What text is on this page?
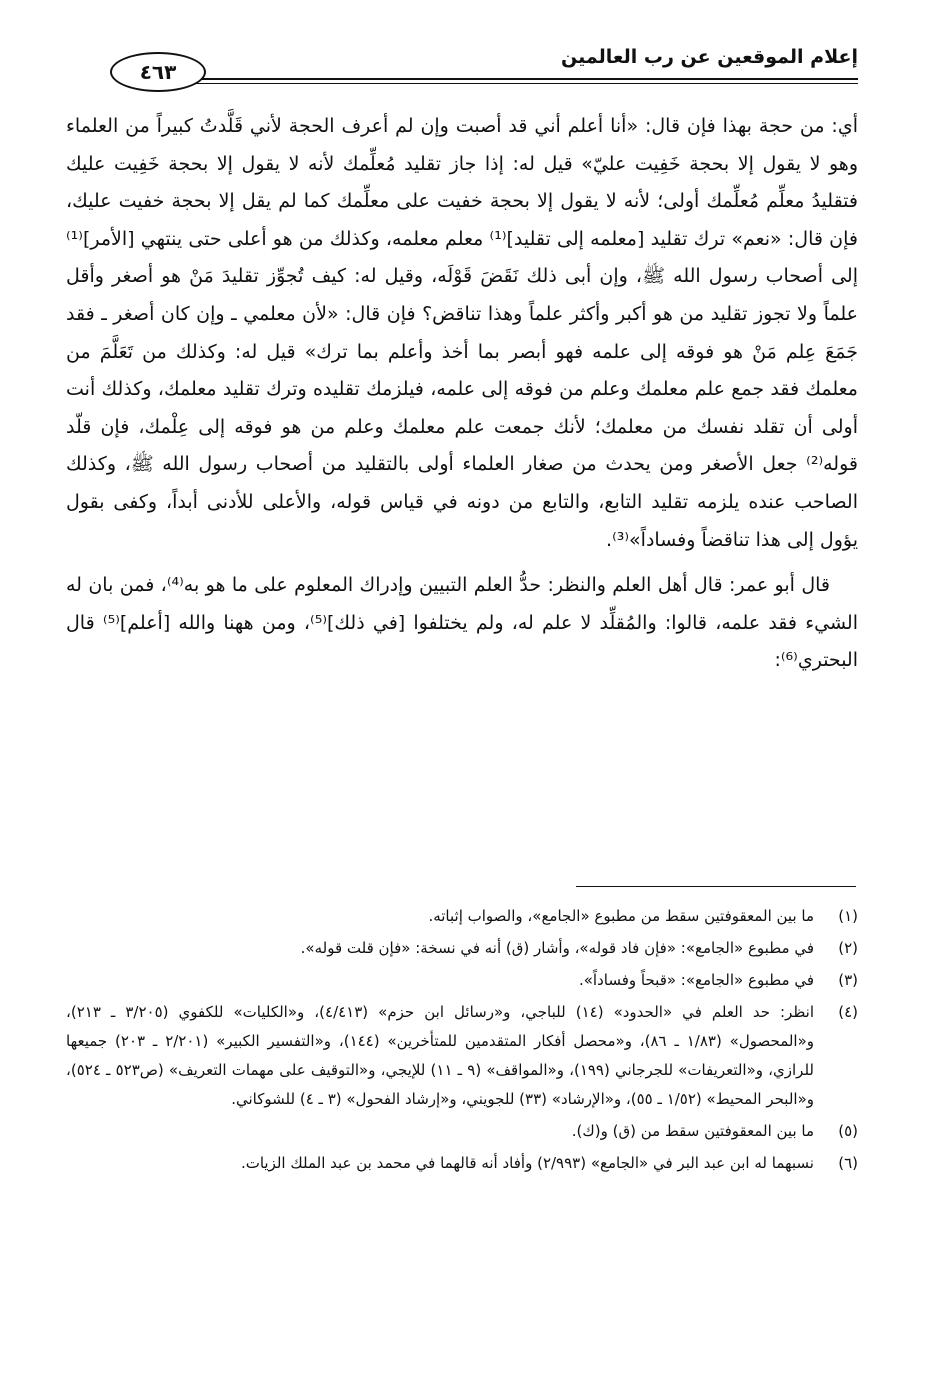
إعلام الموقعين عن رب العالمين
٤٦٣

أي: من حجة بهذا فإن قال: «أنا أعلم أني قد أصبت وإن لم أعرف الحجة لأني قَلَّدتُ كبيراً من العلماء وهو لا يقول إلا بحجة خَفِيت عليّ» قيل له: إذا جاز تقليد مُعلِّمك لأنه لا يقول إلا بحجة خَفِيت عليك فتقليدُ معلِّم مُعلِّمك أولى؛ لأنه لا يقول إلا بحجة خفيت على معلِّمك كما لم يقل إلا بحجة خفيت عليك، فإن قال: «نعم» ترك تقليد [معلمه إلى تقليد]⁽¹⁾ معلم معلمه، وكذلك من هو أعلى حتى ينتهي [الأمر]⁽¹⁾ إلى أصحاب رسول الله ﷺ، وإن أبى ذلك نَقَضَ قَوْلَه، وقيل له: كيف تُجوِّز تقليدَ مَنْ هو أصغر وأقل علماً ولا تجوز تقليد من هو أكبر وأكثر علماً وهذا تناقض؟ فإن قال: «لأن معلمي ـ وإن كان أصغر ـ فقد جَمَعَ عِلم مَنْ هو فوقه إلى علمه فهو أبصر بما أخذ وأعلم بما ترك» قيل له: وكذلك من تَعَلَّمَ من معلمك فقد جمع علم معلمك وعلم من فوقه إلى علمه، فيلزمك تقليده وترك تقليد معلمك، وكذلك أنت أولى أن تقلد نفسك من معلمك؛ لأنك جمعت علم معلمك وعلم من هو فوقه إلى عِلْمك، فإن قلّد قوله⁽²⁾ جعل الأصغر ومن يحدث من صغار العلماء أولى بالتقليد من أصحاب رسول الله ﷺ، وكذلك الصاحب عنده يلزمه تقليد التابع، والتابع من دونه في قياس قوله، والأعلى للأدنى أبداً، وكفى بقول يؤول إلى هذا تناقضاً وفساداً»⁽³⁾.

قال أبو عمر: قال أهل العلم والنظر: حدُّ العلم التبيين وإدراك المعلوم على ما هو به⁽⁴⁾، فمن بان له الشيء فقد علمه، قالوا: والمُقلِّد لا علم له، ولم يختلفوا [في ذلك]⁽⁵⁾، ومن ههنا والله [أعلم]⁽⁵⁾ قال البحتري⁽⁶⁾:

(١)
ما بين المعقوفتين سقط من مطبوع «الجامع»، والصواب إثباته.
(٢)
في مطبوع «الجامع»: «فإن فاد قوله»، وأشار (ق) أنه في نسخة: «فإن قلت قوله».
(٣)
في مطبوع «الجامع»: «قبحاً وفساداً».
(٤)
انظر: حد العلم في «الحدود» (١٤) للباجي، و«رسائل ابن حزم» (٤/٤١٣)، و«الكليات» للكفوي (٣/٢٠٥ ـ ٢١٣)، و«المحصول» (١/٨٣ ـ ٨٦)، و«محصل أفكار المتقدمين للمتأخرين» (١٤٤)، و«التفسير الكبير» (٢/٢٠١ ـ ٢٠٣) جميعها للرازي، و«التعريفات» للجرجاني (١٩٩)، و«المواقف» (٩ ـ ١١) للإيجي، و«التوقيف على مهمات التعريف» (ص٥٢٣ ـ ٥٢٤)، و«البحر المحيط» (١/٥٢ ـ ٥٥)، و«الإرشاد» (٣٣) للجويني، و«إرشاد الفحول» (٣ ـ ٤) للشوكاني.
(٥)
ما بين المعقوفتين سقط من (ق) و(ك).
(٦)
نسبهما له ابن عبد البر في «الجامع» (٢/٩٩٣) وأفاد أنه قالهما في محمد بن عبد الملك الزيات.
